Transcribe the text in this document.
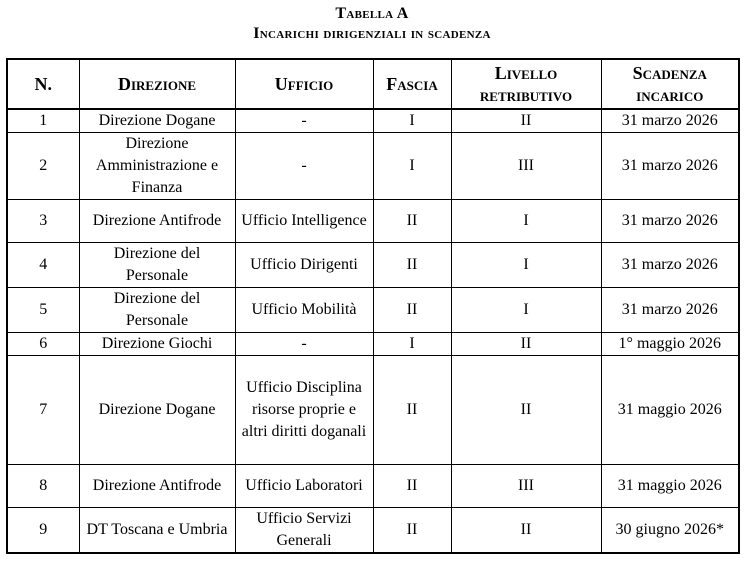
Tabella A
Incarichi dirigenziali in scadenza
N.	Direzione	Ufficio	Fascia	Livello retributivo	Scadenza incarico
1	Direzione Dogane	-	I	II	31 marzo 2026
2	Direzione Amministrazione e Finanza	-	I	III	31 marzo 2026
3	Direzione Antifrode	Ufficio Intelligence	II	I	31 marzo 2026
4	Direzione del Personale	Ufficio Dirigenti	II	I	31 marzo 2026
5	Direzione del Personale	Ufficio Mobilità	II	I	31 marzo 2026
6	Direzione Giochi	-	I	II	1° maggio 2026
7	Direzione Dogane	Ufficio Disciplina risorse proprie e altri diritti doganali	II	II	31 maggio 2026
8	Direzione Antifrode	Ufficio Laboratori	II	III	31 maggio 2026
9	DT Toscana e Umbria	Ufficio Servizi Generali	II	II	30 giugno 2026*
